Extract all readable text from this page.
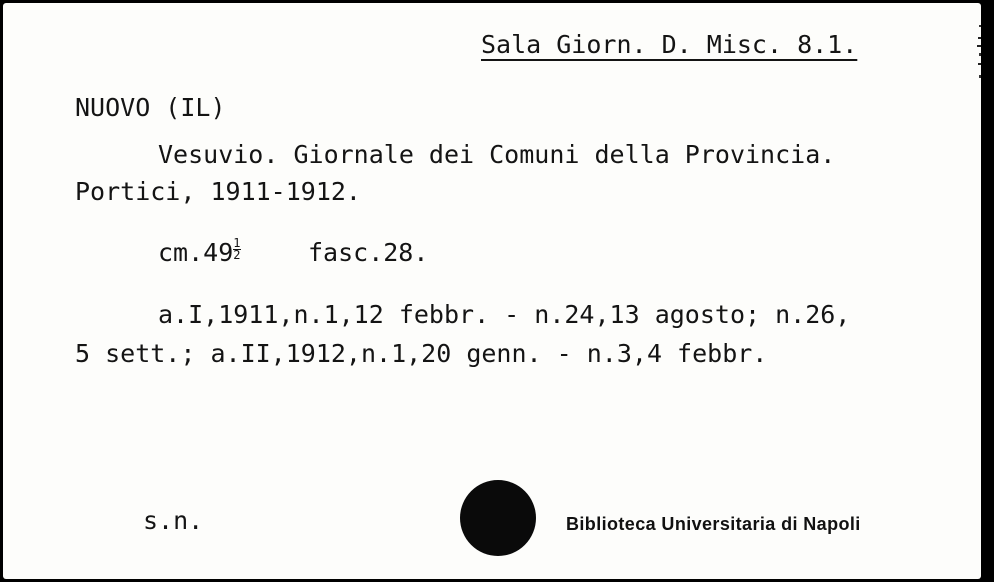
Sala Giorn. D. Misc. 8.1.
NUOVO (IL)
Vesuvio. Giornale dei Comuni della Provincia.
Portici, 1911-1912.
$cm.49 \frac{1}{2}$	fasc.28.
a.I,1911,n.1,12 febbr. - n.24,13 agosto; n.26,
5 sett.; a.II,1912,n.1,20 genn. - n.3,4 febbr.
s.n.	Biblioteca Universitaria di Napoli
